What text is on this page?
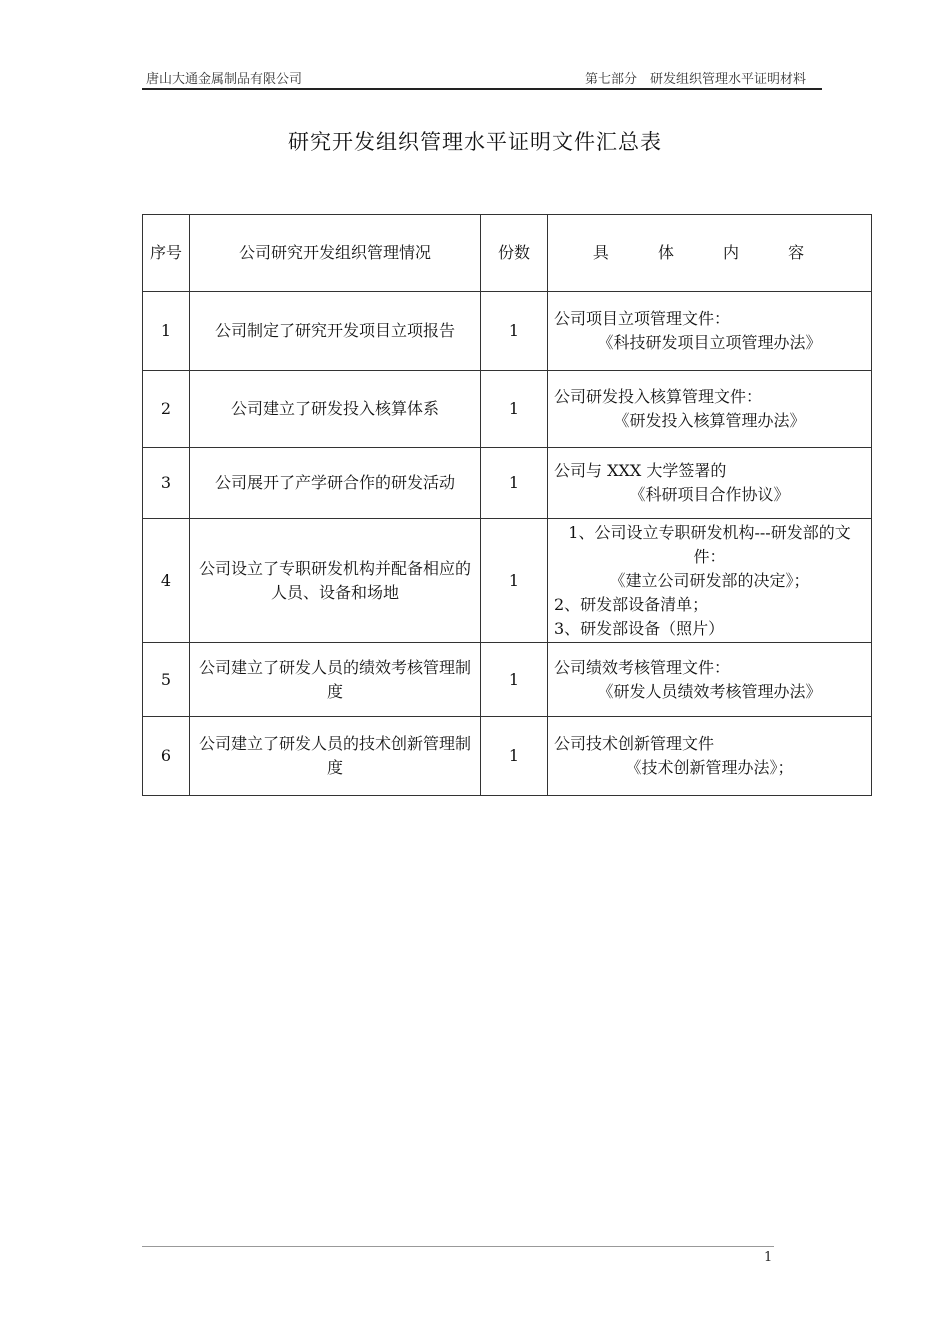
唐山大通金属制品有限公司	第七部分　研发组织管理水平证明材料
研究开发组织管理水平证明文件汇总表
序号	公司研究开发组织管理情况	份数	具 体 内 容
1	公司制定了研究开发项目立项报告	1	公司项目立项管理文件：
《科技研发项目立项管理办法》

2	公司建立了研发投入核算体系	1	公司研发投入核算管理文件：
《研发投入核算管理办法》

3	公司展开了产学研合作的研发活动	1	公司与 XXX 大学签署的
《科研项目合作协议》

4	公司设立了专职研发机构并配备相应的人员、设备和场地	1	1、公司设立专职研发机构---研发部的文件：
《建立公司研发部的决定》；
2、研发部设备清单；
3、研发部设备（照片）

5	公司建立了研发人员的绩效考核管理制度	1	公司绩效考核管理文件：
《研发人员绩效考核管理办法》

6	公司建立了研发人员的技术创新管理制度	1	公司技术创新管理文件
《技术创新管理办法》；
1
